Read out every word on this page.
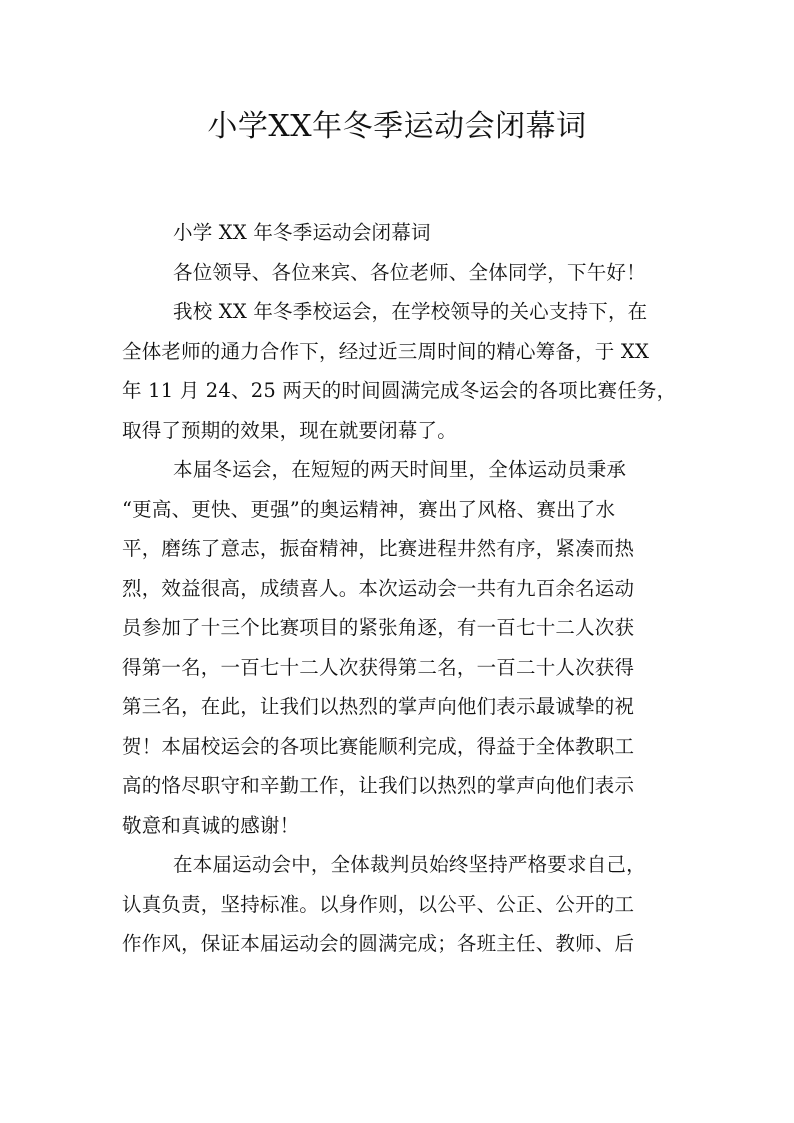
小学XX年冬季运动会闭幕词
小学 XX 年冬季运动会闭幕词
各位领导、各位来宾、各位老师、全体同学，下午好！
我校 XX 年冬季校运会，在学校领导的关心支持下，在
全体老师的通力合作下，经过近三周时间的精心筹备，于 XX
年 11 月 24、25 两天的时间圆满完成冬运会的各项比赛任务，
取得了预期的效果，现在就要闭幕了。
本届冬运会，在短短的两天时间里，全体运动员秉承
“更高、更快、更强”的奥运精神，赛出了风格、赛出了水
平，磨练了意志，振奋精神，比赛进程井然有序，紧凑而热
烈，效益很高，成绩喜人。本次运动会一共有九百余名运动
员参加了十三个比赛项目的紧张角逐，有一百七十二人次获
得第一名，一百七十二人次获得第二名，一百二十人次获得
第三名，在此，让我们以热烈的掌声向他们表示最诚挚的祝
贺！本届校运会的各项比赛能顺利完成，得益于全体教职工
高的恪尽职守和辛勤工作，让我们以热烈的掌声向他们表示
敬意和真诚的感谢！
在本届运动会中，全体裁判员始终坚持严格要求自己，
认真负责，坚持标准。以身作则，以公平、公正、公开的工
作作风，保证本届运动会的圆满完成；各班主任、教师、后
